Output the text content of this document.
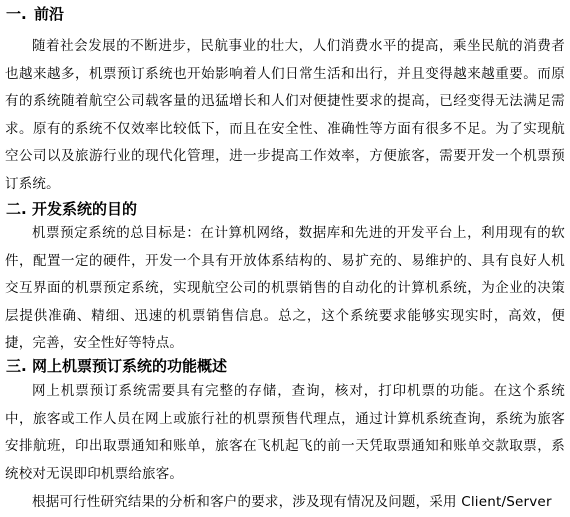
一. 前沿
随着社会发展的不断进步，民航事业的壮大，人们消费水平的提高，乘坐民航的消费者也越来越多，机票预订系统也开始影响着人们日常生活和出行，并且变得越来越重要。而原有的系统随着航空公司载客量的迅猛增长和人们对便捷性要求的提高，已经变得无法满足需求。原有的系统不仅效率比较低下，而且在安全性、准确性等方面有很多不足。为了实现航空公司以及旅游行业的现代化管理，进一步提高工作效率，方便旅客，需要开发一个机票预订系统。
二. 开发系统的目的
机票预定系统的总目标是：在计算机网络，数据库和先进的开发平台上，利用现有的软件，配置一定的硬件，开发一个具有开放体系结构的、易扩充的、易维护的、具有良好人机交互界面的机票预定系统，实现航空公司的机票销售的自动化的计算机系统，为企业的决策层提供准确、精细、迅速的机票销售信息。总之，这个系统要求能够实现实时，高效，便捷，完善，安全性好等特点。
三. 网上机票预订系统的功能概述
网上机票预订系统需要具有完整的存储，查询，核对，打印机票的功能。在这个系统中，旅客或工作人员在网上或旅行社的机票预售代理点，通过计算机系统查询，系统为旅客安排航班，印出取票通知和账单，旅客在飞机起飞的前一天凭取票通知和账单交款取票，系统校对无误即印机票给旅客。
根据可行性研究结果的分析和客户的要求，涉及现有情况及问题，采用 Client/Server
